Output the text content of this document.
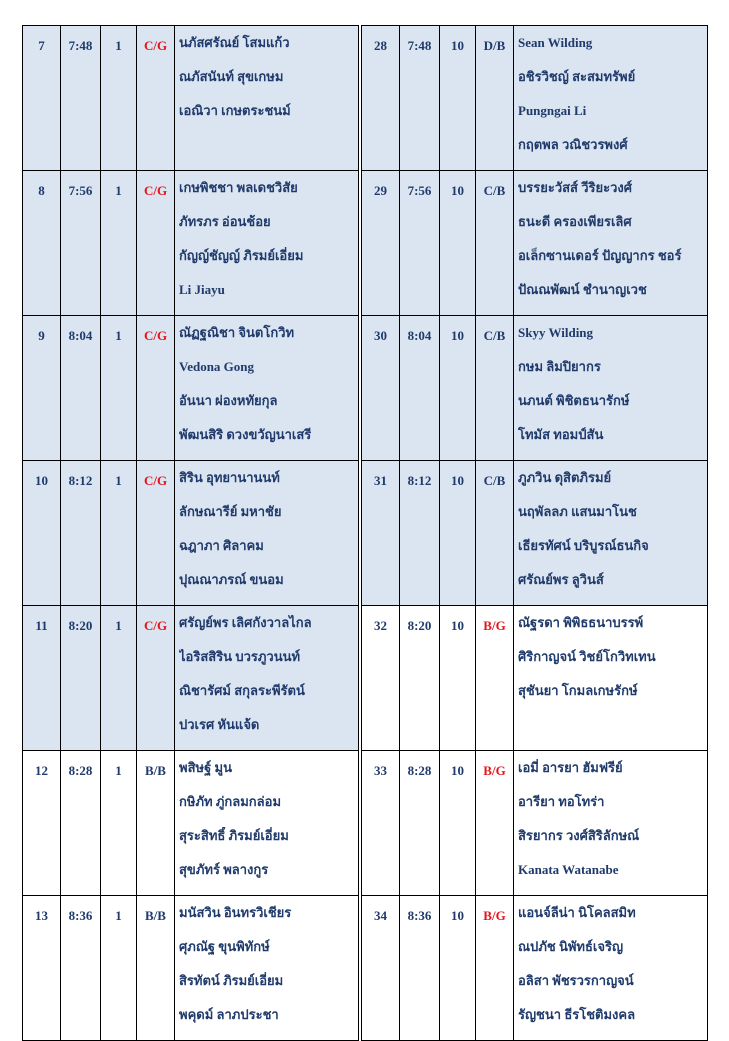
7	7:48	1	C/G	นภัสศรัณย์ โสมแก้ว
ณภัสนันท์ สุขเกษม
เอณิวา เกษตระชนม์

8	7:56	1	C/G	เกษพิชชา พลเดชวิสัย
ภัทรภร อ่อนช้อย
กัญญ์ชัญญ์ ภิรมย์เอี่ยม
Li Jiayu

9	8:04	1	C/G	ณัฏฐณิชา จินตโกวิท
Vedona Gong
อันนา ผ่องหทัยกุล
พัฒนสิริ ดวงขวัญนาเสรี

10	8:12	1	C/G	สิริน อุทยานานนท์
ลักษณารีย์ มหาชัย
ฉฎาภา ศิลาคม
ปุณณาภรณ์ ขนอม

11	8:20	1	C/G	ศรัญย์พร เลิศกังวาลไกล
ไอริสสิริน บวรภูวนนท์
ณิชารัศม์ สกุลระพีรัตน์
ปวเรศ หันแจ้ด

12	8:28	1	B/B	พสิษฐ์ มูน
กษิภัท ภู่กลมกล่อม
สุระสิทธิ์ ภิรมย์เอี่ยม
สุขภัทร์ พลางกูร

13	8:36	1	B/B	มนัสวิน อินทรวิเชียร
ศุภณัฐ ขุนพิทักษ์
สิรทัตน์ ภิรมย์เอี่ยม
พคุดม์ ลาภประชา
28	7:48	10	D/B	Sean Wilding
อชิรวิชญ์ สะสมทรัพย์
Pungngai Li
กฤตพล วณิชวรพงศ์

29	7:56	10	C/B	บรรยะวัสส์ วีริยะวงศ์
ธนะดี ครองเพียรเลิศ
อเล็กซานเดอร์ ปัญญากร ชอร์
ปัณณพัฒน์ ชำนาญเวช

30	8:04	10	C/B	Skyy Wilding
กษม ลิมปิยากร
นภนต์ พิชิตธนารักษ์
โทมัส ทอมป์สัน

31	8:12	10	C/B	ภูภวิน ดุสิตภิรมย์
นฤพัลลภ แสนมาโนช
เธียรทัศน์ บริบูรณ์ธนกิจ
ศรัณย์พร ลูวินส์

32	8:20	10	B/G	ณัฐรดา พิพิธธนาบรรพ์
ศิริกาญจน์ วิชย์โกวิทเทน
สุชันยา โกมลเกษรักษ์

33	8:28	10	B/G	เอมี่ อารยา ฮัมฟรีย์
อารียา ทอโทร่า
สิรยากร วงศ์สิริลักษณ์
Kanata Watanabe

34	8:36	10	B/G	แอนจ์ลีน่า นิโคลสมิท
ณปภัช นิพัทธ์เจริญ
อลิสา พัชรวรกาญจน์
รัญชนา ธีรโชติมงคล
